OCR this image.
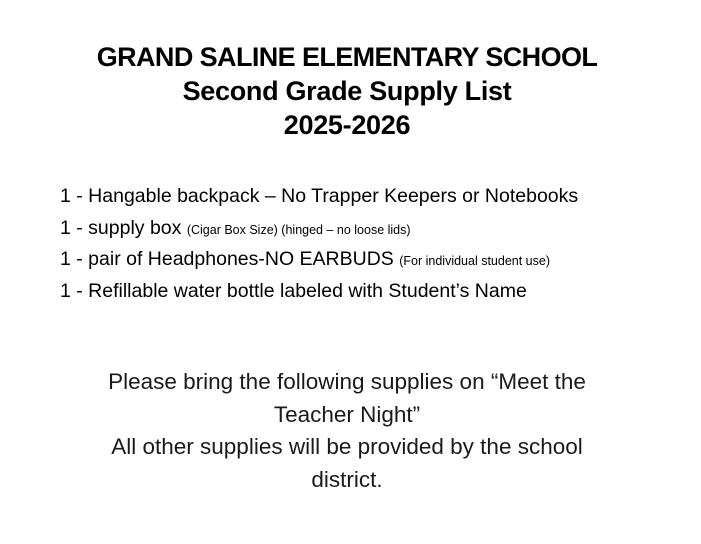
GRAND SALINE ELEMENTARY SCHOOL
Second Grade Supply List
2025-2026
1 - Hangable backpack – No Trapper Keepers or Notebooks
1 - supply box (Cigar Box Size) (hinged – no loose lids)
1 - pair of Headphones-NO EARBUDS (For individual student use)
1 - Refillable water bottle labeled with Student’s Name
Please bring the following supplies on “Meet the Teacher Night”
All other supplies will be provided by the school district.
